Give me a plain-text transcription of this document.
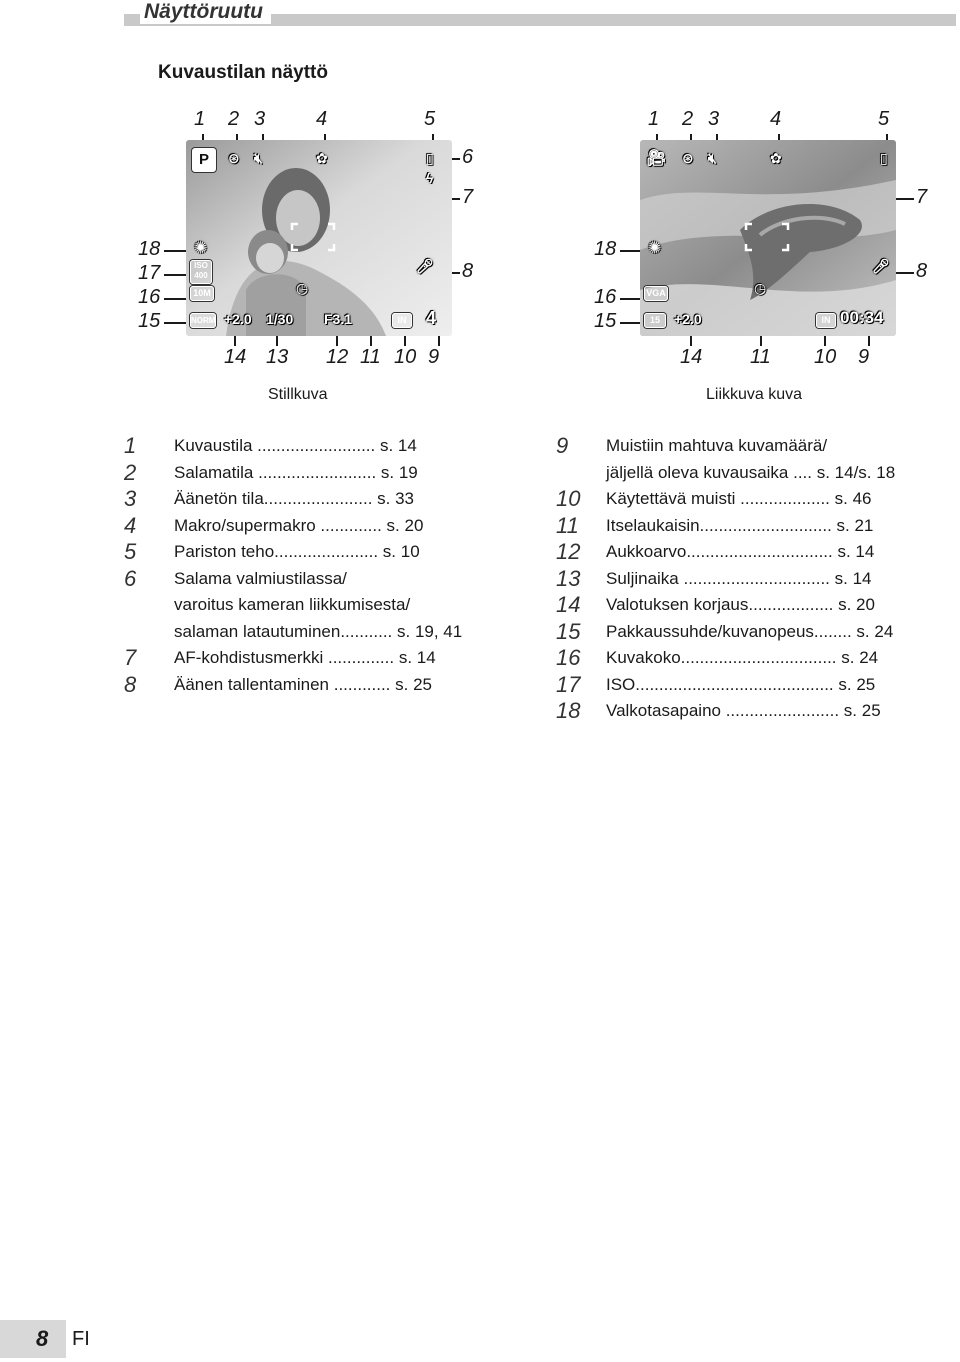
Näyttöruutu
Kuvaustilan näyttö
1 2 3	4	5
6
7
8
18
17
16
15
14 13 12 11 10 9
P	⊛ 🔇︎	✿	▯
ϟ
✺
ISO
400
10M
NORM +2.0 1/30 F3.1	IN	4
🎤︎
◷
Stillkuva
1 2 3	4	5
7
8
18
16
15
14 11 10 9
🎥︎ ⊛ 🔇︎	✿	▯
✺
VGA
15	+2.0	IN 00:34
🎤︎
◷
Liikkuva kuva
1	Kuvaustila ......................... s. 14
2	Salamatila ......................... s. 19
3	Äänetön tila....................... s. 33
4	Makro/supermakro ............. s. 20
5	Pariston teho...................... s. 10
6	Salama valmiustilassa/
varoitus kameran liikkumisesta/
salaman latautuminen........... s. 19, 41
7	AF-kohdistusmerkki .............. s. 14
8	Äänen tallentaminen ............ s. 25
9	Muistiin mahtuva kuvamäärä/
jäljellä oleva kuvausaika .... s. 14/s. 18
10	Käytettävä muisti ................... s. 46
11	Itselaukaisin............................ s. 21
12	Aukkoarvo............................... s. 14
13	Suljinaika ............................... s. 14
14	Valotuksen korjaus.................. s. 20
15	Pakkaussuhde/kuvanopeus........ s. 24
16	Kuvakoko................................. s. 24
17	ISO.......................................... s. 25
18	Valkotasapaino ........................ s. 25
8 FI
